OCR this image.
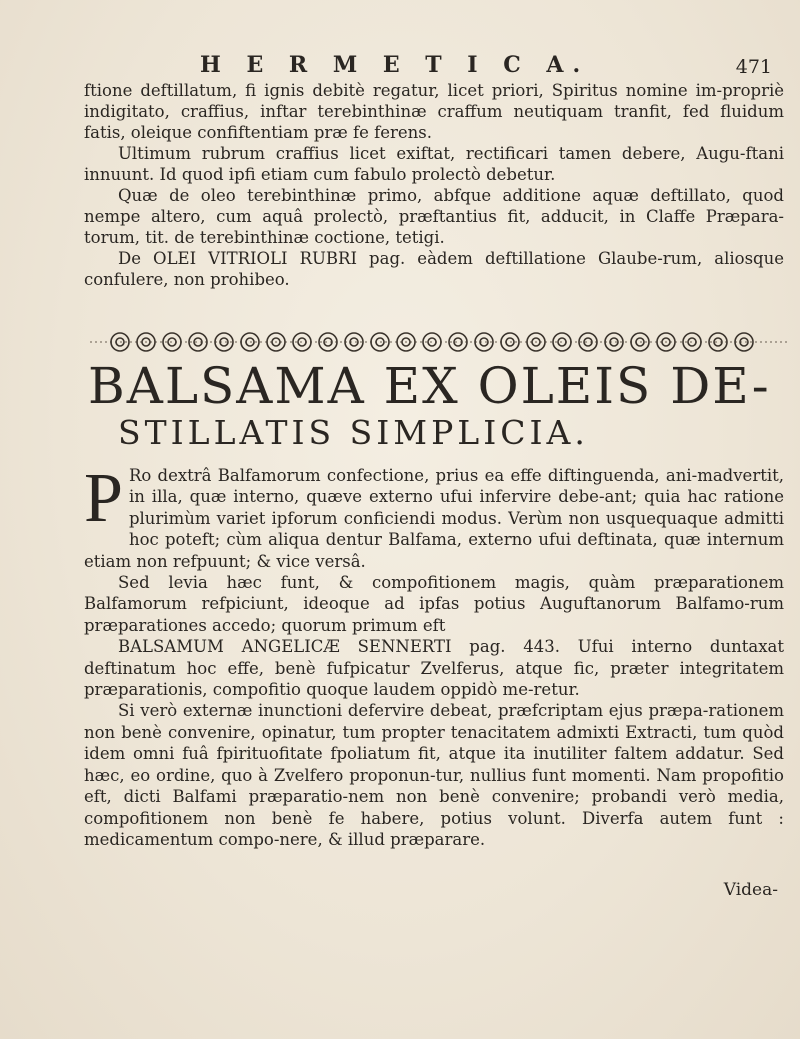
H E R M E T I C A.	471

ftione deftillatum, fi ignis debitè regatur, licet priori, Spiritus nomine im-propriè indigitato, craffius, inftar terebinthinæ craffum neutiquam tranfit, fed fluidum fatis, oleique confiftentiam præ fe ferens.

Ultimum rubrum craffius licet exiftat, rectificari tamen debere, Augu-ftani innuunt. Id quod ipfi etiam cum fabulo prolectò debetur.

Quæ de oleo terebinthinæ primo, abfque additione aquæ deftillato, quod nempe altero, cum aquâ prolectò, præftantius fit, adducit, in Claffe Præpara-torum, tit. de terebinthinæ coctione, tetigi.

De OLEI VITRIOLI RUBRI pag. eàdem deftillatione Glaube-rum, aliosque confulere, non prohibeo.

BALSAMA EX OLEIS DE-
STILLATIS SIMPLICIA.

P Ro dextrâ Balfamorum confectione, prius ea effe diftinguenda, ani-madvertit, in illa, quæ interno, quæve externo ufui infervire debe-ant; quia hac ratione plurimùm variet ipforum conficiendi modus. Verùm non usquequaque admitti hoc poteft; cùm aliqua dentur Balfama, externo ufui deftinata, quæ internum etiam non refpuunt; & vice versâ.

Sed levia hæc funt, & compofitionem magis, quàm præparationem Balfamorum refpiciunt, ideoque ad ipfas potius Auguftanorum Balfamo-rum præparationes accedo; quorum primum eft

BALSAMUM ANGELICÆ SENNERTI pag. 443. Ufui interno duntaxat deftinatum hoc effe, benè fufpicatur Zvelferus, atque fic, præter integritatem præparationis, compofitio quoque laudem oppidò me-retur.

Si verò externæ inunctioni defervire debeat, præfcriptam ejus præpa-rationem non benè convenire, opinatur, tum propter tenacitatem admixti Extracti, tum quòd idem omni fuâ fpirituofitate fpoliatum fit, atque ita inutiliter faltem addatur. Sed hæc, eo ordine, quo à Zvelfero proponun-tur, nullius funt momenti. Nam propofitio eft, dicti Balfami præparatio-nem non benè convenire; probandi verò media, compofitionem non benè fe habere, potius volunt. Diverfa autem funt : medicamentum compo-nere, & illud præparare.

Videa-
